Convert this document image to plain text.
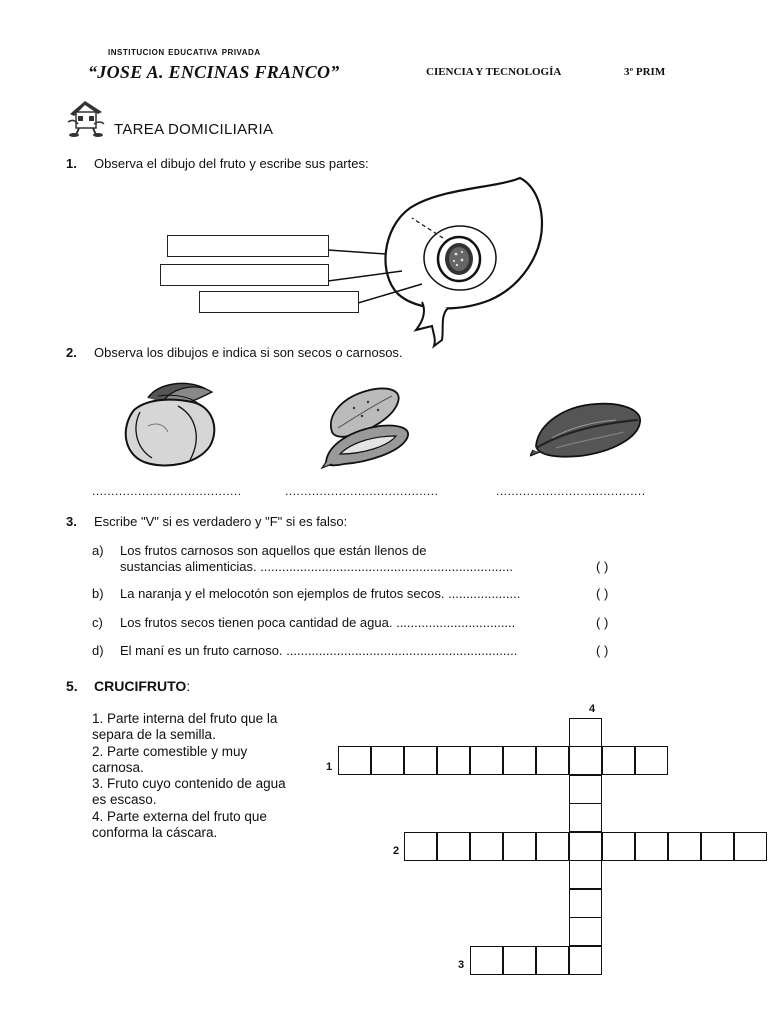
institucion educativa privada
“JOSE A. ENCINAS FRANCO”	CIENCIA Y TECNOLOGÍA	3º PRIM
TAREA DOMICILIARIA
1. Observa el dibujo del fruto y escribe sus partes:
2. Observa los dibujos e indica si son secos o carnosos.
.......................................	........................................	.......................................
3. Escribe "V" si es verdadero y "F" si es falso:
a) Los frutos carnosos son aquellos que están llenos de
sustancias alimenticias. ......................................................................	( )
b) La naranja y el melocotón son ejemplos de frutos secos. ....................	( )
c) Los frutos secos tienen poca cantidad de agua. .................................	( )
d) El maní es un fruto carnoso. ................................................................	( )
5. CRUCIFRUTO:
1. Parte interna del fruto que la separa de la semilla.
2. Parte comestible y muy carnosa.
3. Fruto cuyo contenido de agua es escaso.
4. Parte externa del fruto que conforma la cáscara.
4
1
2
3
